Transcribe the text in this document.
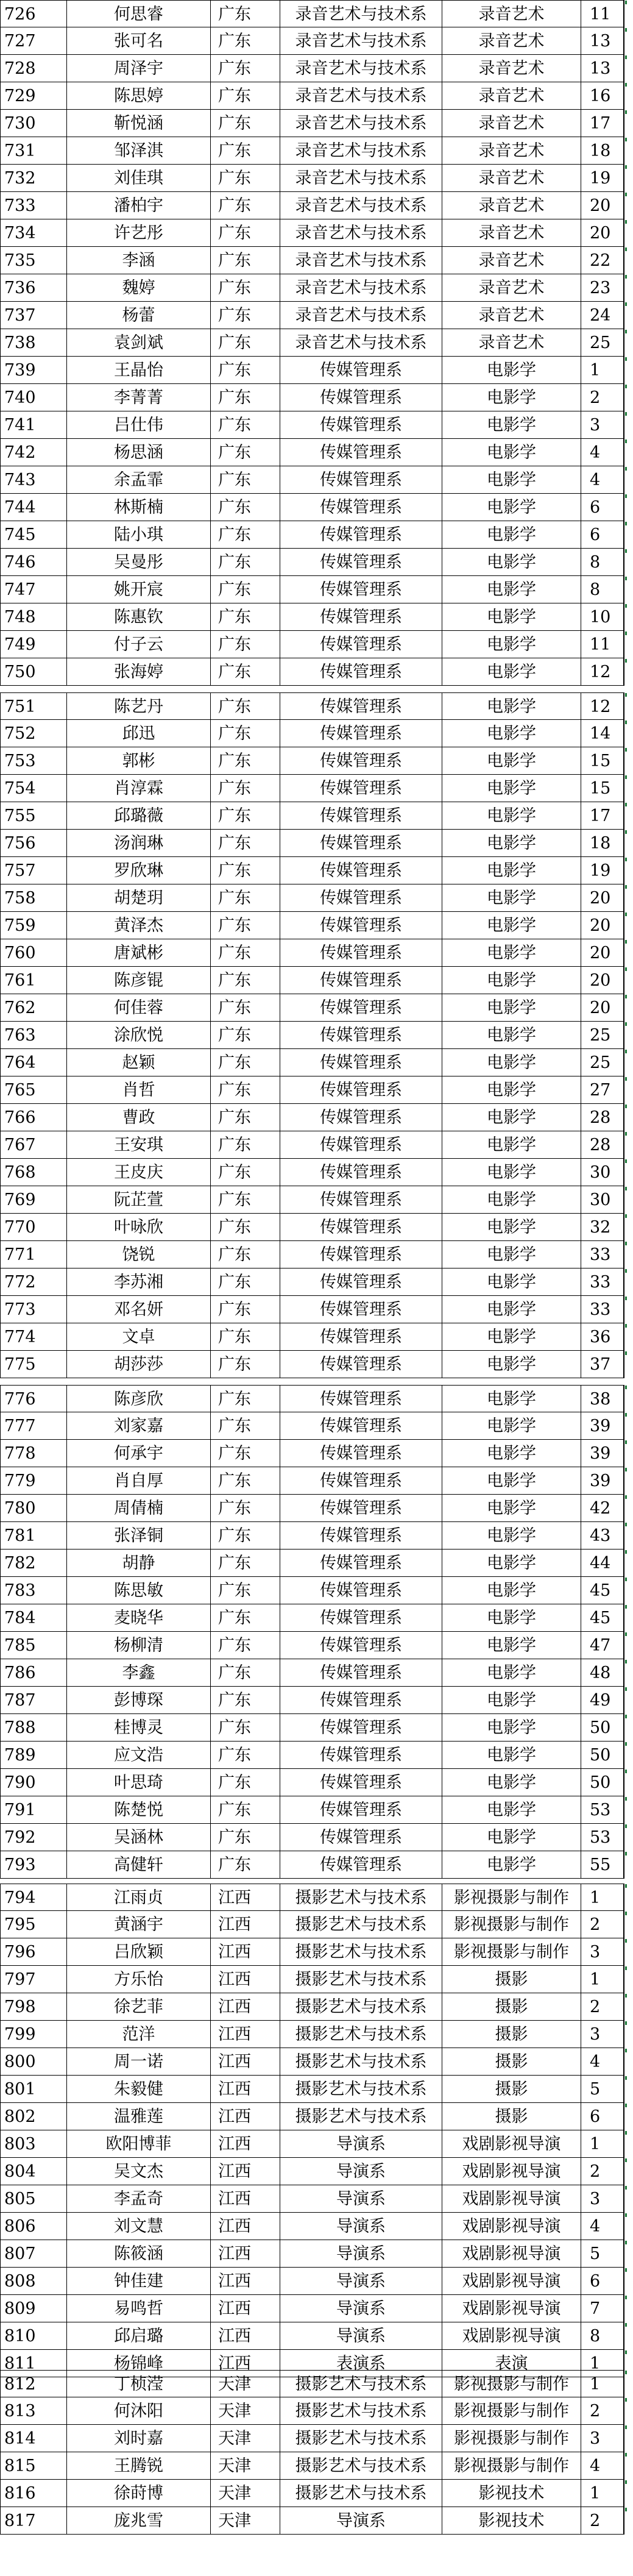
726	何思睿	广东	录音艺术与技术系	录音艺术	11
727	张可名	广东	录音艺术与技术系	录音艺术	13
728	周泽宇	广东	录音艺术与技术系	录音艺术	13
729	陈思婷	广东	录音艺术与技术系	录音艺术	16
730	靳悦涵	广东	录音艺术与技术系	录音艺术	17
731	邹泽淇	广东	录音艺术与技术系	录音艺术	18
732	刘佳琪	广东	录音艺术与技术系	录音艺术	19
733	潘柏宇	广东	录音艺术与技术系	录音艺术	20
734	许艺彤	广东	录音艺术与技术系	录音艺术	20
735	李涵	广东	录音艺术与技术系	录音艺术	22
736	魏婷	广东	录音艺术与技术系	录音艺术	23
737	杨蕾	广东	录音艺术与技术系	录音艺术	24
738	袁剑斌	广东	录音艺术与技术系	录音艺术	25
739	王晶怡	广东	传媒管理系	电影学	1
740	李菁菁	广东	传媒管理系	电影学	2
741	吕仕伟	广东	传媒管理系	电影学	3
742	杨思涵	广东	传媒管理系	电影学	4
743	余孟霏	广东	传媒管理系	电影学	4
744	林斯楠	广东	传媒管理系	电影学	6
745	陆小琪	广东	传媒管理系	电影学	6
746	吴曼彤	广东	传媒管理系	电影学	8
747	姚开宸	广东	传媒管理系	电影学	8
748	陈惠钦	广东	传媒管理系	电影学	10
749	付子云	广东	传媒管理系	电影学	11
750	张海婷	广东	传媒管理系	电影学	12
751	陈艺丹	广东	传媒管理系	电影学	12
752	邱迅	广东	传媒管理系	电影学	14
753	郭彬	广东	传媒管理系	电影学	15
754	肖淳霖	广东	传媒管理系	电影学	15
755	邱璐薇	广东	传媒管理系	电影学	17
756	汤润琳	广东	传媒管理系	电影学	18
757	罗欣琳	广东	传媒管理系	电影学	19
758	胡楚玥	广东	传媒管理系	电影学	20
759	黄泽杰	广东	传媒管理系	电影学	20
760	唐斌彬	广东	传媒管理系	电影学	20
761	陈彦锟	广东	传媒管理系	电影学	20
762	何佳蓉	广东	传媒管理系	电影学	20
763	涂欣悦	广东	传媒管理系	电影学	25
764	赵颖	广东	传媒管理系	电影学	25
765	肖哲	广东	传媒管理系	电影学	27
766	曹政	广东	传媒管理系	电影学	28
767	王安琪	广东	传媒管理系	电影学	28
768	王皮庆	广东	传媒管理系	电影学	30
769	阮芷萱	广东	传媒管理系	电影学	30
770	叶咏欣	广东	传媒管理系	电影学	32
771	饶锐	广东	传媒管理系	电影学	33
772	李苏湘	广东	传媒管理系	电影学	33
773	邓名妍	广东	传媒管理系	电影学	33
774	文卓	广东	传媒管理系	电影学	36
775	胡莎莎	广东	传媒管理系	电影学	37
776	陈彦欣	广东	传媒管理系	电影学	38
777	刘家嘉	广东	传媒管理系	电影学	39
778	何承宇	广东	传媒管理系	电影学	39
779	肖自厚	广东	传媒管理系	电影学	39
780	周倩楠	广东	传媒管理系	电影学	42
781	张泽铜	广东	传媒管理系	电影学	43
782	胡静	广东	传媒管理系	电影学	44
783	陈思敏	广东	传媒管理系	电影学	45
784	麦晓华	广东	传媒管理系	电影学	45
785	杨柳清	广东	传媒管理系	电影学	47
786	李鑫	广东	传媒管理系	电影学	48
787	彭博琛	广东	传媒管理系	电影学	49
788	桂博灵	广东	传媒管理系	电影学	50
789	应文浩	广东	传媒管理系	电影学	50
790	叶思琦	广东	传媒管理系	电影学	50
791	陈楚悦	广东	传媒管理系	电影学	53
792	吴涵林	广东	传媒管理系	电影学	53
793	高健轩	广东	传媒管理系	电影学	55
794	江雨贞	江西	摄影艺术与技术系	影视摄影与制作	1
795	黄涵宇	江西	摄影艺术与技术系	影视摄影与制作	2
796	吕欣颖	江西	摄影艺术与技术系	影视摄影与制作	3
797	方乐怡	江西	摄影艺术与技术系	摄影	1
798	徐艺菲	江西	摄影艺术与技术系	摄影	2
799	范洋	江西	摄影艺术与技术系	摄影	3
800	周一诺	江西	摄影艺术与技术系	摄影	4
801	朱毅健	江西	摄影艺术与技术系	摄影	5
802	温雅莲	江西	摄影艺术与技术系	摄影	6
803	欧阳博菲	江西	导演系	戏剧影视导演	1
804	吴文杰	江西	导演系	戏剧影视导演	2
805	李孟奇	江西	导演系	戏剧影视导演	3
806	刘文慧	江西	导演系	戏剧影视导演	4
807	陈筱涵	江西	导演系	戏剧影视导演	5
808	钟佳建	江西	导演系	戏剧影视导演	6
809	易鸣哲	江西	导演系	戏剧影视导演	7
810	邱启璐	江西	导演系	戏剧影视导演	8
811	杨锦峰	江西	表演系	表演	1
812	丁桢滢	天津	摄影艺术与技术系	影视摄影与制作	1
813	何沐阳	天津	摄影艺术与技术系	影视摄影与制作	2
814	刘时嘉	天津	摄影艺术与技术系	影视摄影与制作	3
815	王腾锐	天津	摄影艺术与技术系	影视摄影与制作	4
816	徐莳博	天津	摄影艺术与技术系	影视技术	1
817	庞兆雪	天津	导演系	影视技术	2
